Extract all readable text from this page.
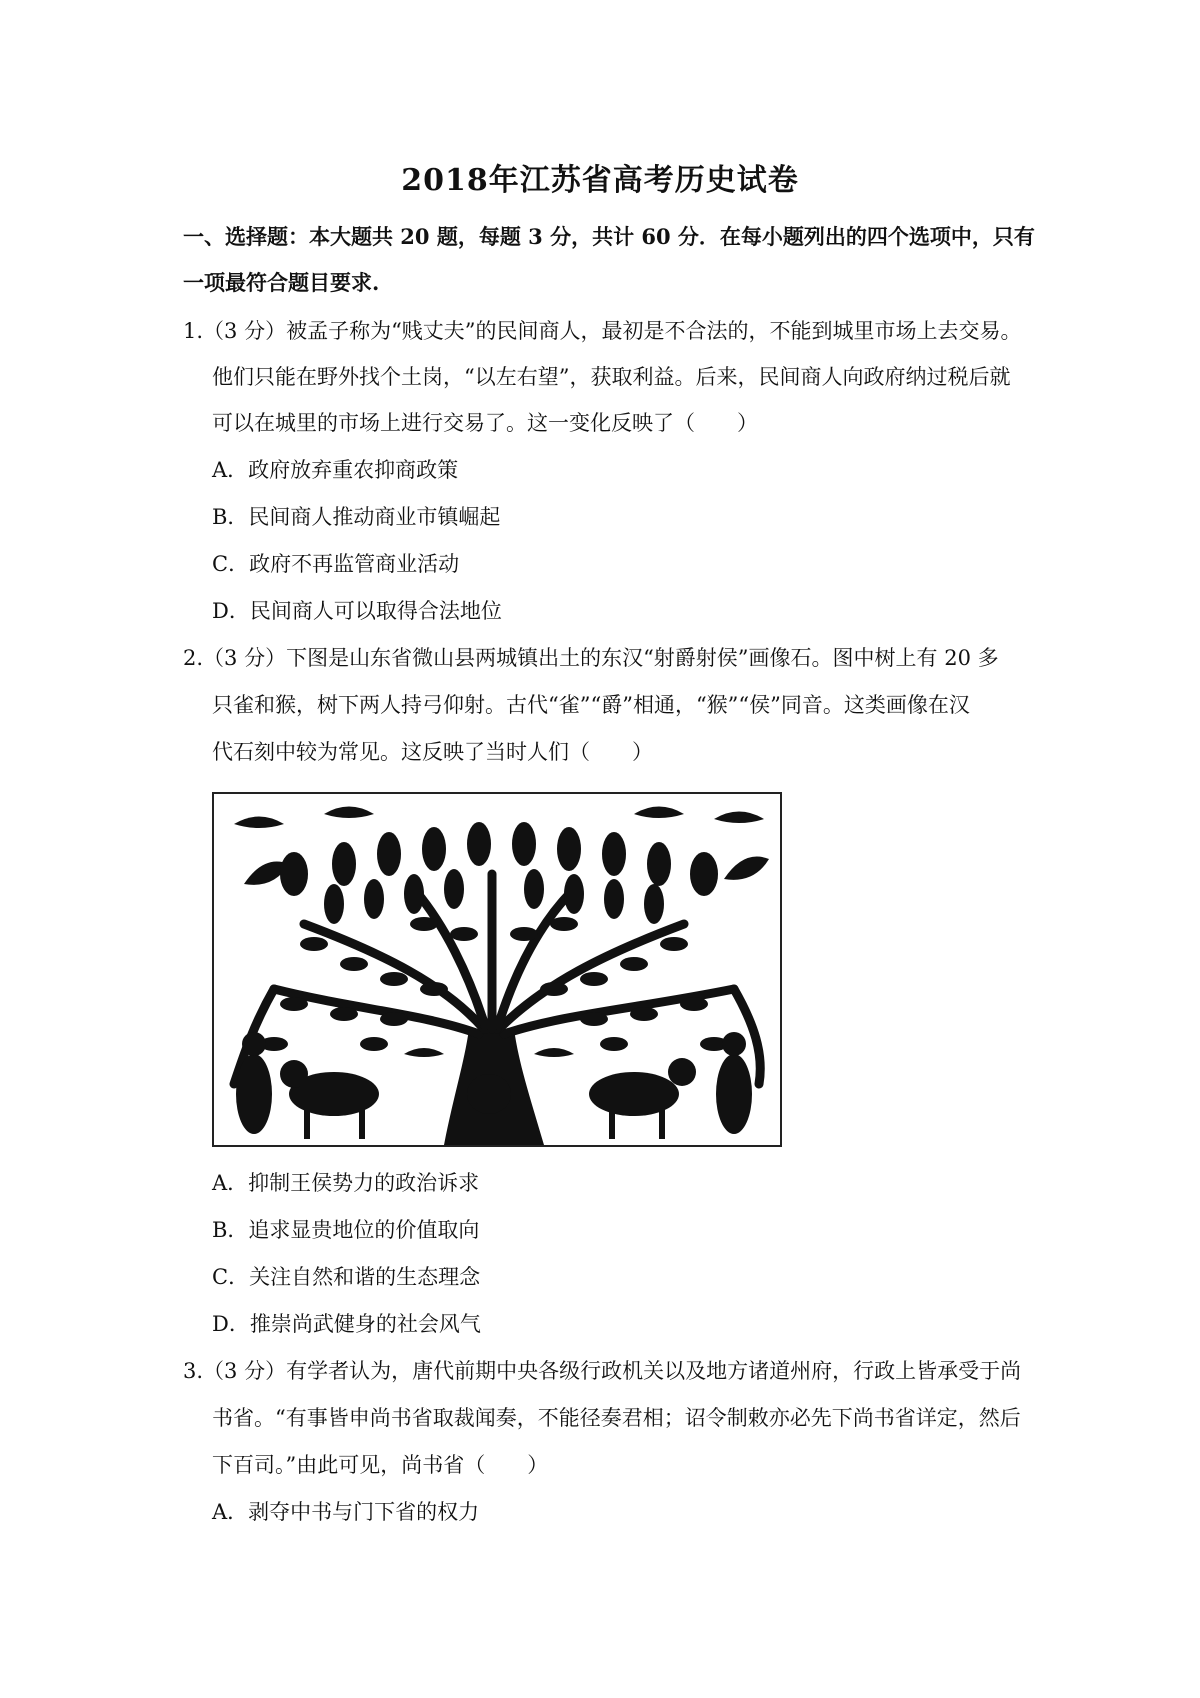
2018年江苏省高考历史试卷
一、选择题：本大题共 20 题，每题 3 分，共计 60 分．在每小题列出的四个选项中，只有
一项最符合题目要求.
1.（3 分）被孟子称为“贱丈夫”的民间商人，最初是不合法的，不能到城里市场上去交易。
他们只能在野外找个土岗，“以左右望”，获取利益。后来，民间商人向政府纳过税后就
可以在城里的市场上进行交易了。这一变化反映了（　　）
A．政府放弃重农抑商政策
B．民间商人推动商业市镇崛起
C．政府不再监管商业活动
D．民间商人可以取得合法地位
2.（3 分）下图是山东省微山县两城镇出土的东汉“射爵射侯”画像石。图中树上有 20 多
只雀和猴，树下两人持弓仰射。古代“雀”“爵”相通，“猴”“侯”同音。这类画像在汉
代石刻中较为常见。这反映了当时人们（　　）
A．抑制王侯势力的政治诉求
B．追求显贵地位的价值取向
C．关注自然和谐的生态理念
D．推崇尚武健身的社会风气
3.（3 分）有学者认为，唐代前期中央各级行政机关以及地方诸道州府，行政上皆承受于尚
书省。“有事皆申尚书省取裁闻奏，不能径奏君相；诏令制敕亦必先下尚书省详定，然后
下百司。”由此可见，尚书省（　　）
A．剥夺中书与门下省的权力
